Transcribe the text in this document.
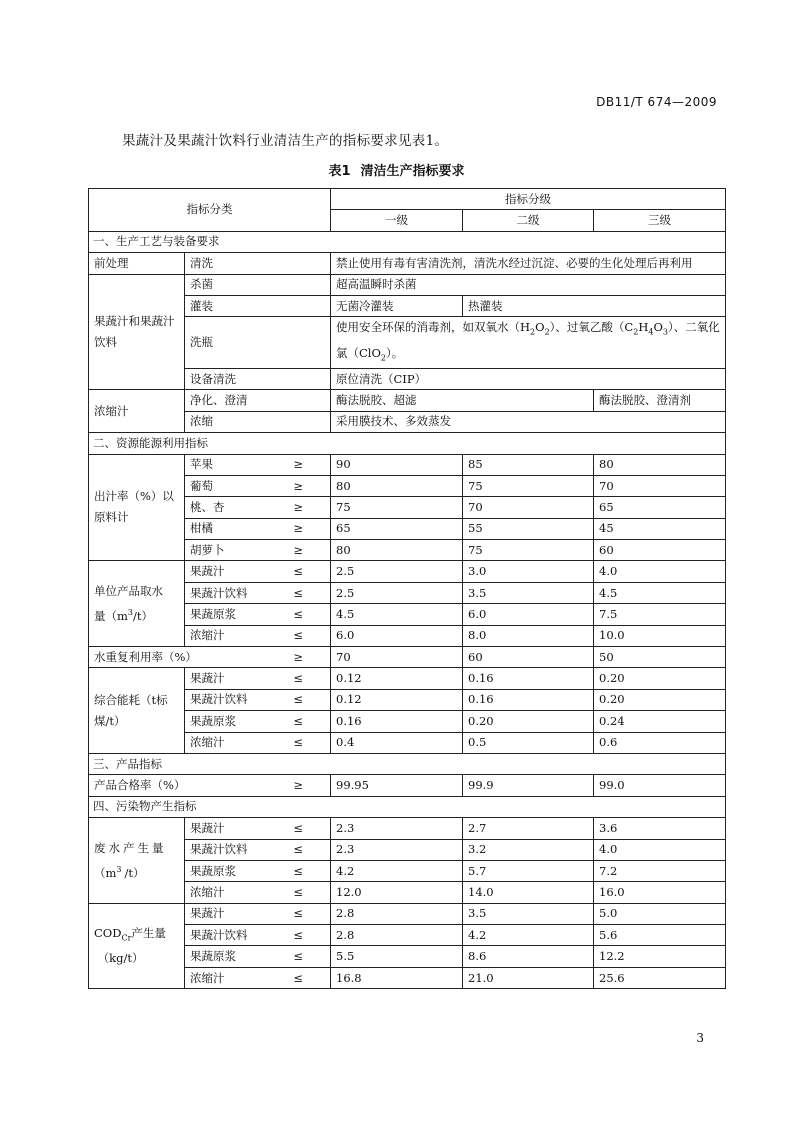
DB11/T 674—2009
果蔬汁及果蔬汁饮料行业清洁生产的指标要求见表1。
表1 清洁生产指标要求
指标分类		指标分级		
		一级	二级	三级
一、生产工艺与装备要求				
前处理	清洗	禁止使用有毒有害清洗剂，清洗水经过沉淀、必要的生化处理后再利用		
果蔬汁和果蔬汁饮料	杀菌	超高温瞬时杀菌		
	灌装	无菌冷灌装	热灌装	
	洗瓶	使用安全环保的消毒剂，如双氧水$(H_2O_2)$、过氧乙酸$(C_2H_4O_3)$、二氧化氯（ClO$_2$）。		
	设备清洗	原位清洗（CIP）		
浓缩汁	净化、澄清	酶法脱胶、超滤		酶法脱胶、澄清剂
	浓缩	采用膜技术、多效蒸发		
二、资源能源利用指标				
出汁率（%）以原料计	苹果 ≥	90	85	80

	葡萄 ≥	80	75	70

	桃、杏 ≥	75	70	65

	柑橘 ≥	65	55	45

	胡萝卜 ≥	80	75	60
单位产品取水
量$(m^3/t)$	果蔬汁 ≤	2.5	3.0	4.0

	果蔬汁饮料 ≤	2.5	3.5	4.5

	果蔬原浆 ≤	4.5	6.0	7.5

	浓缩汁 ≤	6.0	8.0	10.0

水重复利用率（%） ≥		70	60	50
综合能耗（t标
煤/t）	果蔬汁 ≤	0.12	0.16	0.20

	果蔬汁饮料 ≤	0.12	0.16	0.20

	果蔬原浆 ≤	0.16	0.20	0.24

	浓缩汁 ≤	0.4	0.5	0.6
三、产品指标				

产品合格率（%） ≥		99.95	99.9	99.0
四、污染物产生指标				
废水产生量
$(m^3/t)$	果蔬汁 ≤	2.3	2.7	3.6

	果蔬汁饮料 ≤	2.3	3.2	4.0

	果蔬原浆 ≤	4.2	5.7	7.2

	浓缩汁 ≤	12.0	14.0	16.0
$COD_{Cr}$产生量
（kg/t）	果蔬汁 ≤	2.8	3.5	5.0

	果蔬汁饮料 ≤	2.8	4.2	5.6

	果蔬原浆 ≤	5.5	8.6	12.2

	浓缩汁 ≤	16.8	21.0	25.6
3
